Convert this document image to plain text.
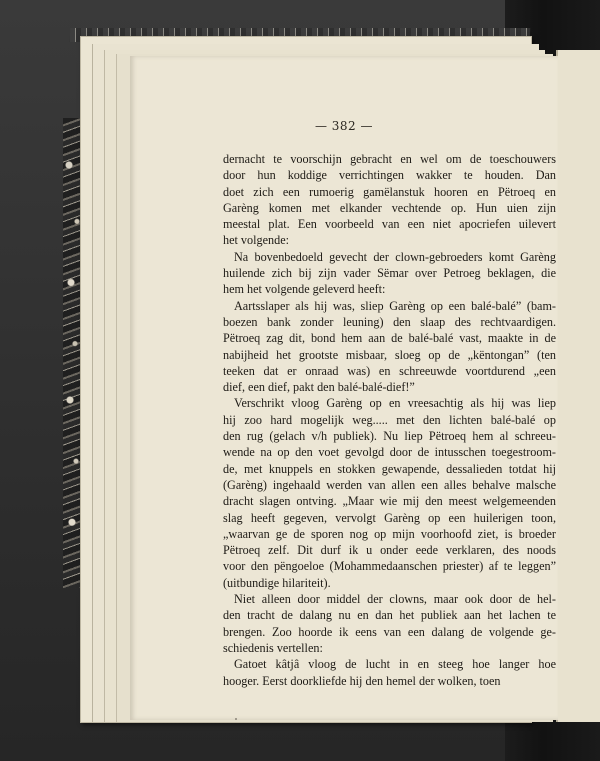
— 382 —
dernacht te voorschijn gebracht en wel om de toeschouwers
door hun koddige verrichtingen wakker te houden. Dan
doet zich een rumoerig gamëlanstuk hooren en Pëtroeq en
Garèng komen met elkander vechtende op. Hun uien zijn
meestal plat. Een voorbeeld van een niet apocriefen uilevert
het volgende:
Na bovenbedoeld gevecht der clown-gebroeders komt Garèng
huilende zich bij zijn vader Sëmar over Petroeg beklagen, die
hem het volgende geleverd heeft:
Aartsslaper als hij was, sliep Garèng op een balé-balé” (bam-
boezen bank zonder leuning) den slaap des rechtvaardigen.
Pëtroeq zag dit, bond hem aan de balé-balé vast, maakte in de
nabijheid het grootste misbaar, sloeg op de „këntongan” (ten
teeken dat er onraad was) en schreeuwde voortdurend „een
dief, een dief, pakt den balé-balé-dief!”
Verschrikt vloog Garèng op en vreesachtig als hij was liep
hij zoo hard mogelijk weg..... met den lichten balé-balé op
den rug (gelach v/h publiek). Nu liep Pëtroeq hem al schreeu-
wende na op den voet gevolgd door de intusschen toegestroom-
de, met knuppels en stokken gewapende, dessalieden totdat hij
(Garèng) ingehaald werden van allen een alles behalve malsche
dracht slagen ontving. „Maar wie mij den meest welgemeenden
slag heeft gegeven, vervolgt Garèng op een huilerigen toon,
„waarvan ge de sporen nog op mijn voorhoofd ziet, is broeder
Pëtroeq zelf. Dit durf ik u onder eede verklaren, des noods
voor den pëngoeloe (Mohammedaanschen priester) af te leggen”
(uitbundige hilariteit).
Niet alleen door middel der clowns, maar ook door de hel-
den tracht de dalang nu en dan het publiek aan het lachen te
brengen. Zoo hoorde ik eens van een dalang de volgende ge-
schiedenis vertellen:
Gatoet kâtjâ vloog de lucht in en steeg hoe langer hoe
hooger. Eerst doorkliefde hij den hemel der wolken, toen
